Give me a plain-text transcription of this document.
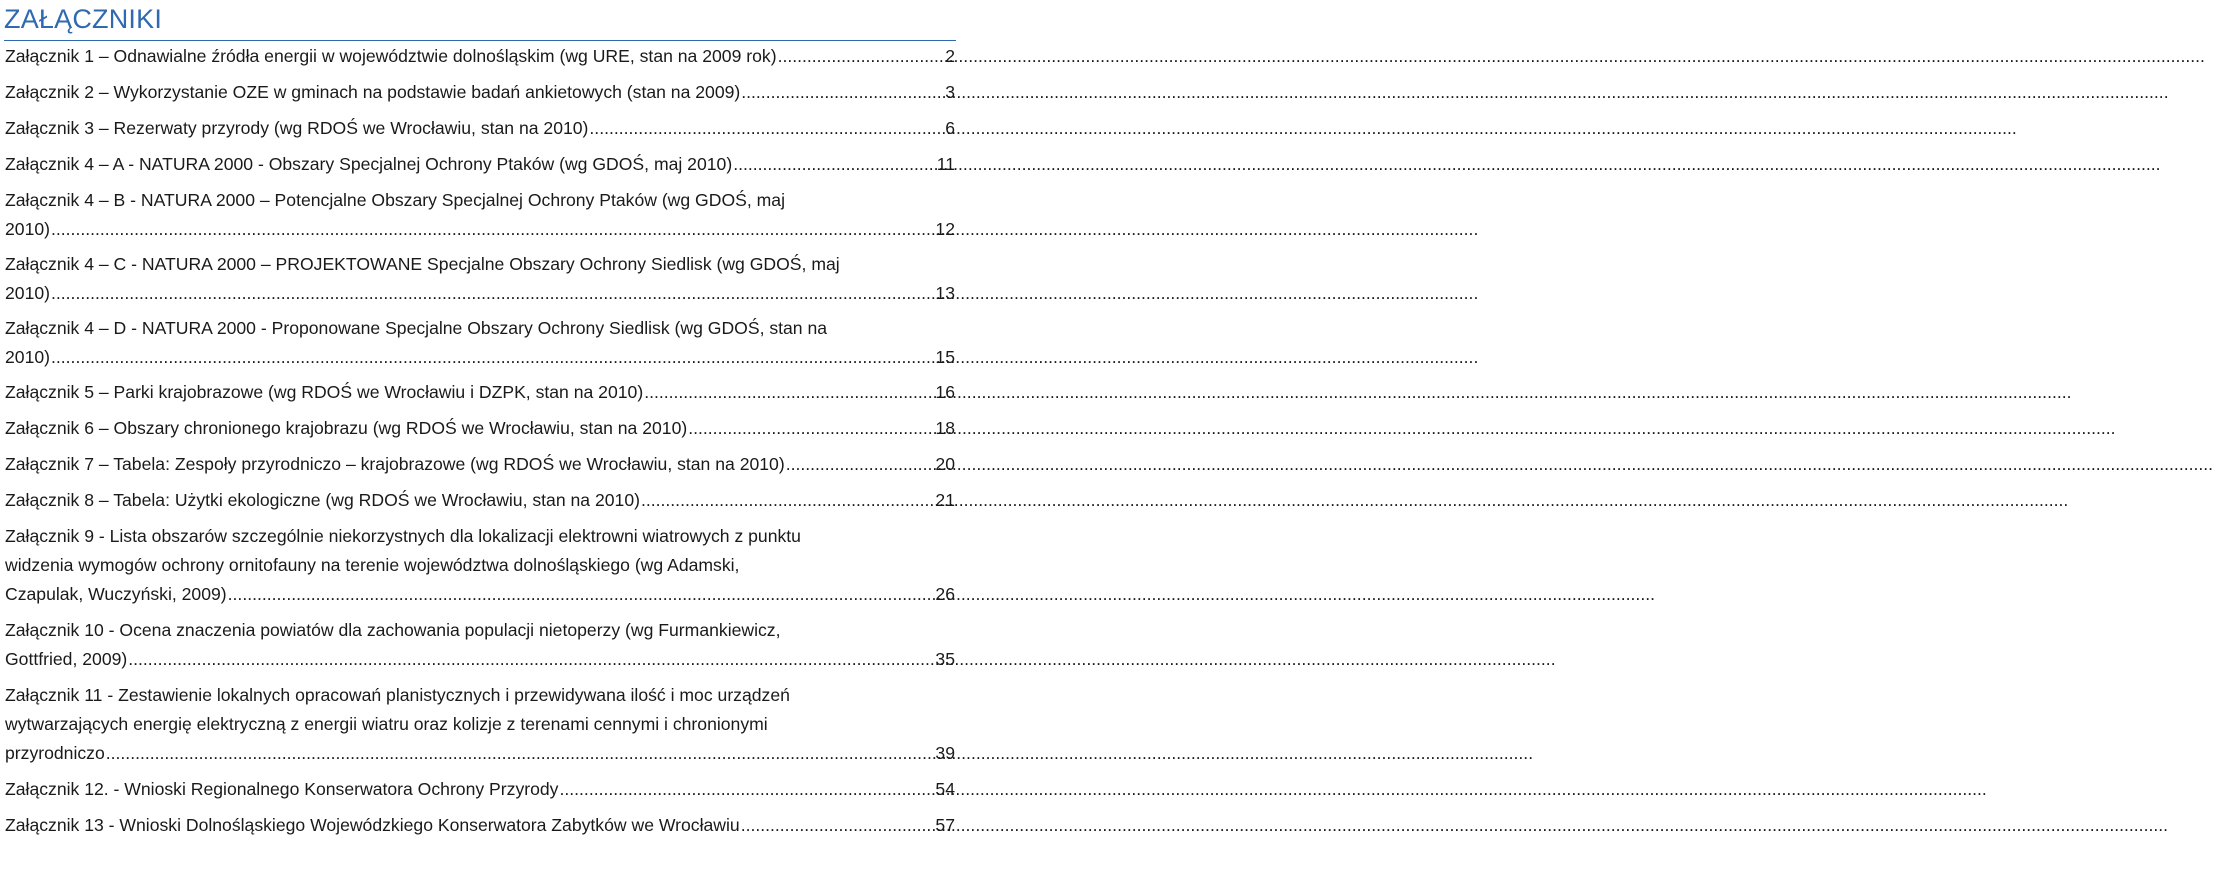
ZAŁĄCZNIKI
Załącznik 1 – Odnawialne źródła energii w województwie dolnośląskim (wg URE, stan na 2009 rok) .....	2
Załącznik 2 – Wykorzystanie OZE w gminach na podstawie badań ankietowych (stan na 2009) .....	3
Załącznik 3 – Rezerwaty przyrody (wg RDOŚ we Wrocławiu, stan na 2010) .....	6
Załącznik 4 – A - NATURA 2000 - Obszary Specjalnej Ochrony Ptaków (wg GDOŚ, maj 2010) .....	11
Załącznik 4 – B - NATURA 2000 – Potencjalne Obszary Specjalnej Ochrony Ptaków (wg GDOŚ, maj
2010) .....	12
Załącznik 4 – C - NATURA 2000 – PROJEKTOWANE Specjalne Obszary Ochrony Siedlisk (wg GDOŚ, maj
2010) .....	13
Załącznik 4 – D - NATURA 2000 - Proponowane Specjalne Obszary Ochrony Siedlisk (wg GDOŚ, stan na
2010) .....	15
Załącznik 5 – Parki krajobrazowe (wg RDOŚ we Wrocławiu i DZPK, stan na 2010) .....	16
Załącznik 6 – Obszary chronionego krajobrazu (wg RDOŚ we Wrocławiu, stan na 2010) .....	18
Załącznik 7 – Tabela: Zespoły przyrodniczo – krajobrazowe (wg RDOŚ we Wrocławiu, stan na 2010) .....	20
Załącznik 8 – Tabela: Użytki ekologiczne (wg RDOŚ we Wrocławiu, stan na 2010) .....	21
Załącznik 9 - Lista obszarów szczególnie niekorzystnych dla lokalizacji elektrowni wiatrowych z punktu
widzenia wymogów ochrony ornitofauny na terenie województwa dolnośląskiego (wg Adamski,
Czapulak, Wuczyński, 2009) .....	26
Załącznik 10 - Ocena znaczenia powiatów dla zachowania populacji nietoperzy (wg Furmankiewicz,
Gottfried, 2009) .....	35
Załącznik 11 - Zestawienie lokalnych opracowań planistycznych i przewidywana ilość i moc urządzeń
wytwarzających energię elektryczną z energii wiatru oraz kolizje z terenami cennymi i chronionymi
przyrodniczo .....	39
Załącznik 12. - Wnioski Regionalnego Konserwatora Ochrony Przyrody .....	54
Załącznik 13 - Wnioski Dolnośląskiego Wojewódzkiego Konserwatora Zabytków we Wrocławiu .....	57
